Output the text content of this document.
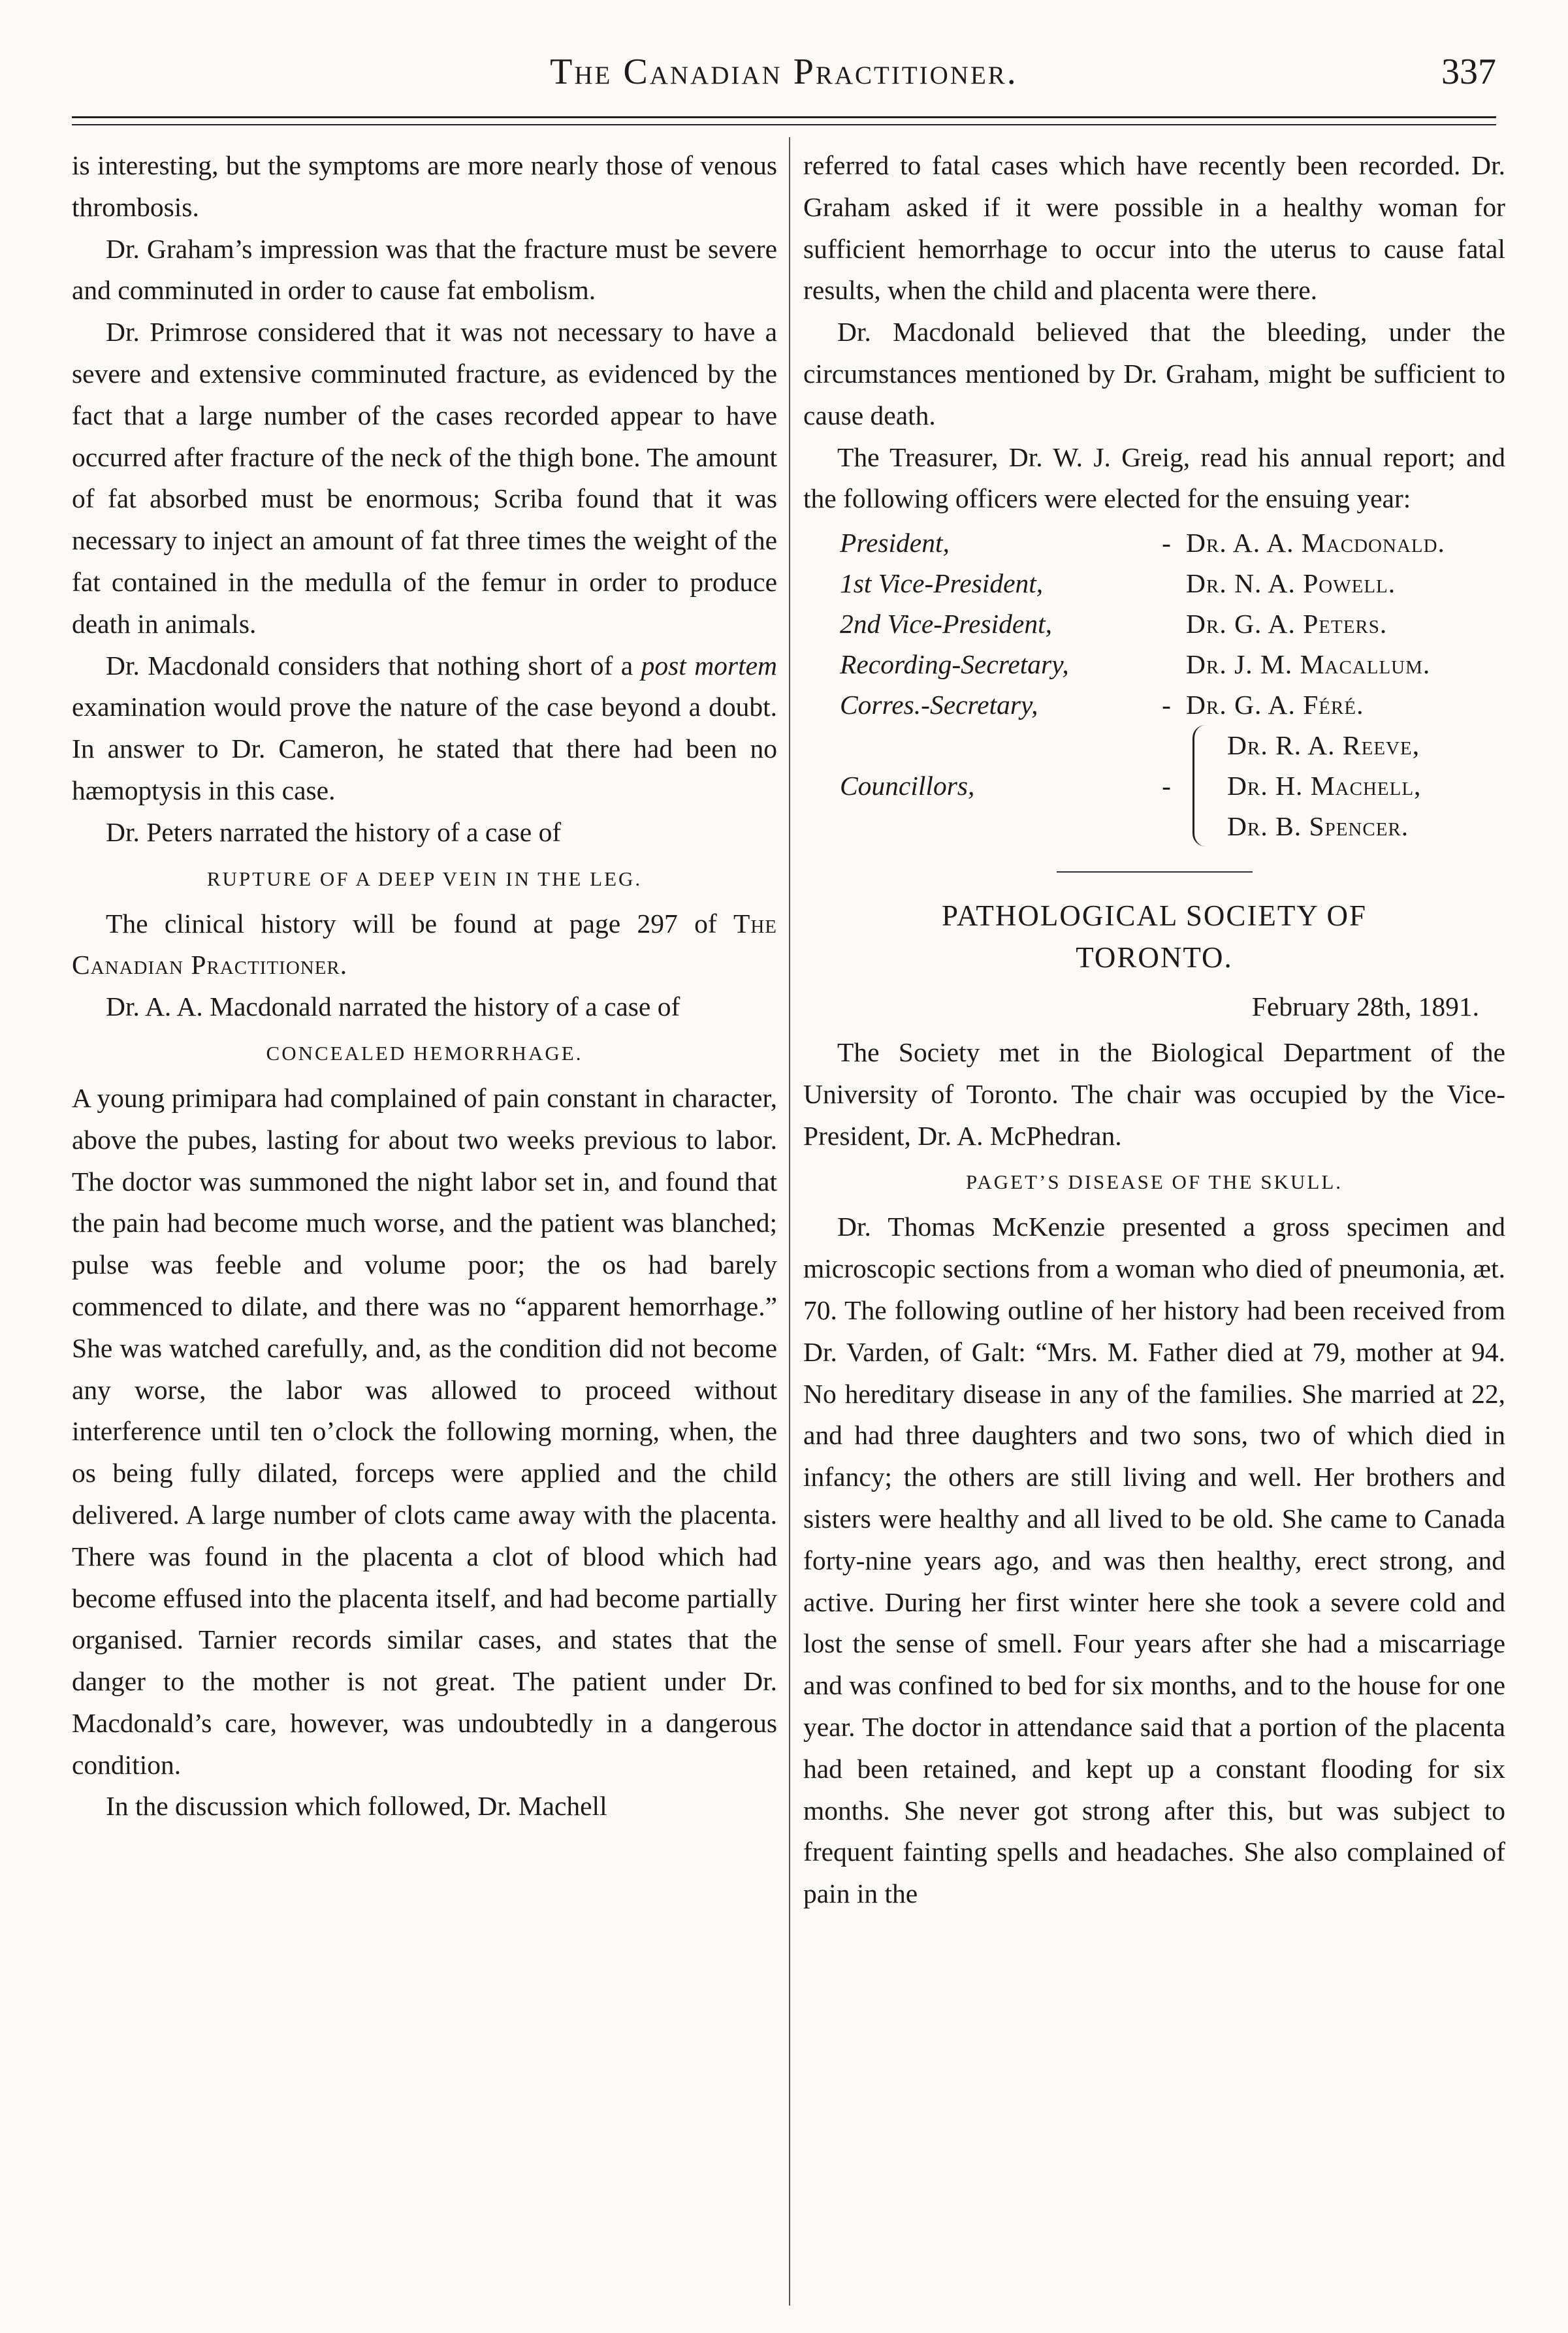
The Canadian Practitioner.	337

is interesting, but the symptoms are more nearly those of venous thrombosis.

Dr. Graham’s impression was that the fracture must be severe and comminuted in order to cause fat embolism.

Dr. Primrose considered that it was not necessary to have a severe and extensive comminuted fracture, as evidenced by the fact that a large number of the cases recorded appear to have occurred after fracture of the neck of the thigh bone. The amount of fat absorbed must be enormous; Scriba found that it was necessary to inject an amount of fat three times the weight of the fat contained in the medulla of the femur in order to produce death in animals.

Dr. Macdonald considers that nothing short of a post mortem examination would prove the nature of the case beyond a doubt. In answer to Dr. Cameron, he stated that there had been no hæmoptysis in this case.

Dr. Peters narrated the history of a case of

RUPTURE OF A DEEP VEIN IN THE LEG.

The clinical history will be found at page 297 of The Canadian Practitioner.

Dr. A. A. Macdonald narrated the history of a case of

CONCEALED HEMORRHAGE.

A young primipara had complained of pain constant in character, above the pubes, lasting for about two weeks previous to labor. The doctor was summoned the night labor set in, and found that the pain had become much worse, and the patient was blanched; pulse was feeble and volume poor; the os had barely commenced to dilate, and there was no “apparent hemorrhage.” She was watched carefully, and, as the condition did not become any worse, the labor was allowed to proceed without interference until ten o’clock the following morning, when, the os being fully dilated, forceps were applied and the child delivered. A large number of clots came away with the placenta. There was found in the placenta a clot of blood which had become effused into the placenta itself, and had become partially organised. Tarnier records similar cases, and states that the danger to the mother is not great. The patient under Dr. Macdonald’s care, however, was undoubtedly in a dangerous condition.

In the discussion which followed, Dr. Machell

referred to fatal cases which have recently been recorded. Dr. Graham asked if it were possible in a healthy woman for sufficient hemorrhage to occur into the uterus to cause fatal results, when the child and placenta were there.

Dr. Macdonald believed that the bleeding, under the circumstances mentioned by Dr. Graham, might be sufficient to cause death.

The Treasurer, Dr. W. J. Greig, read his annual report; and the following officers were elected for the ensuing year:

President,	- Dr. A. A. Macdonald.
1st Vice-President,	Dr. N. A. Powell.
2nd Vice-President,	Dr. G. A. Peters.
Recording-Secretary,	Dr. J. M. Macallum.
Corres.-Secretary,	- Dr. G. A. Féré.
Councillors,	-
Dr. R. A. Reeve,
Dr. H. Machell,
Dr. B. Spencer.
PATHOLOGICAL SOCIETY OF
TORONTO.
February 28th, 1891.

The Society met in the Biological Department of the University of Toronto. The chair was occupied by the Vice-President, Dr. A. McPhedran.

PAGET’S DISEASE OF THE SKULL.

Dr. Thomas McKenzie presented a gross specimen and microscopic sections from a woman who died of pneumonia, æt. 70. The following outline of her history had been received from Dr. Varden, of Galt: “Mrs. M. Father died at 79, mother at 94. No hereditary disease in any of the families. She married at 22, and had three daughters and two sons, two of which died in infancy; the others are still living and well. Her brothers and sisters were healthy and all lived to be old. She came to Canada forty-nine years ago, and was then healthy, erect strong, and active. During her first winter here she took a severe cold and lost the sense of smell. Four years after she had a miscarriage and was confined to bed for six months, and to the house for one year. The doctor in attendance said that a portion of the placenta had been retained, and kept up a constant flooding for six months. She never got strong after this, but was subject to frequent fainting spells and headaches. She also complained of pain in the
